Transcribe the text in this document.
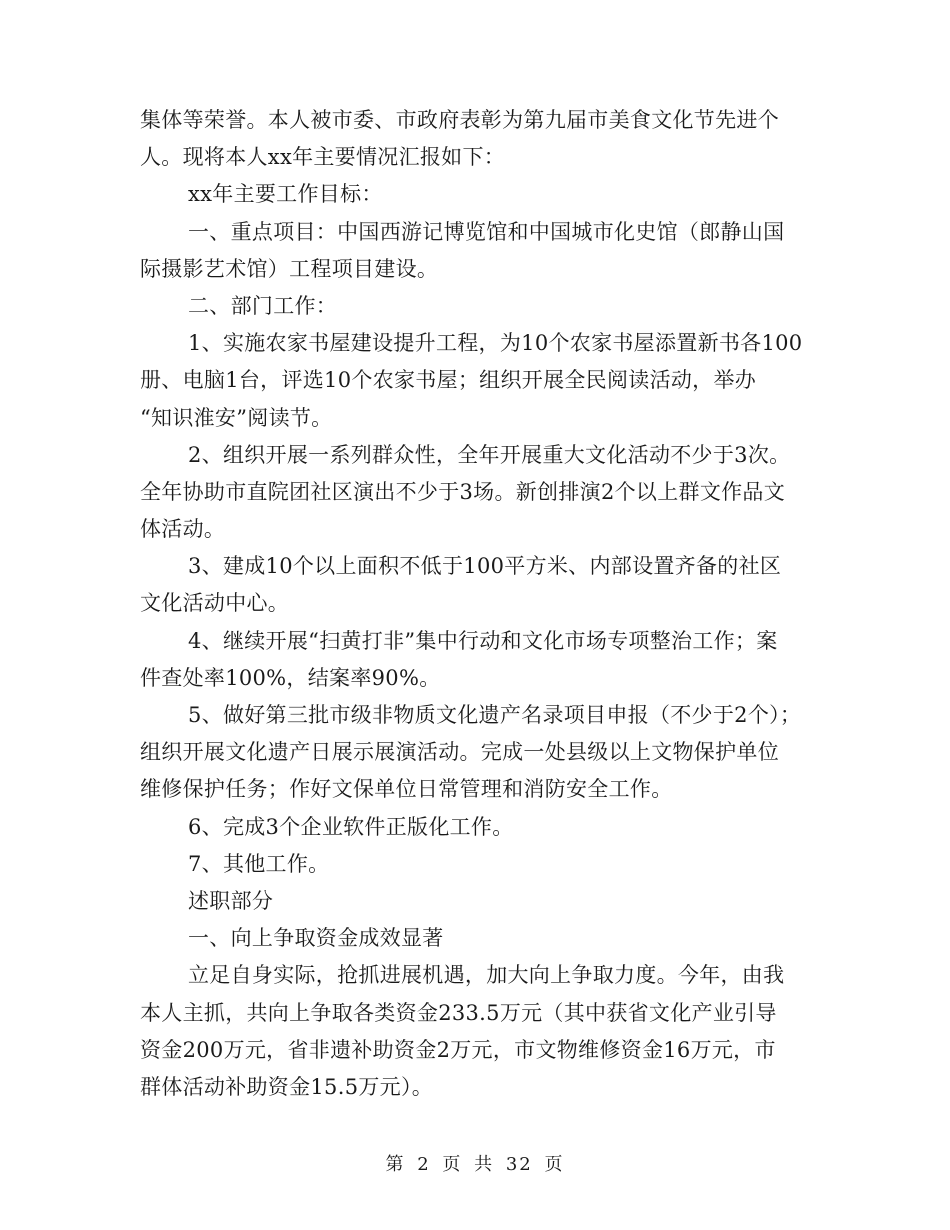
集体等荣誉。本人被市委、市政府表彰为第九届市美食文化节先进个
人。现将本人xx年主要情况汇报如下：
xx年主要工作目标：
一、重点项目：中国西游记博览馆和中国城市化史馆（郎静山国
际摄影艺术馆）工程项目建设。
二、部门工作：
1、实施农家书屋建设提升工程，为10个农家书屋添置新书各100
册、电脑1台，评选10个农家书屋；组织开展全民阅读活动，举办
“知识淮安”阅读节。
2、组织开展一系列群众性，全年开展重大文化活动不少于3次。
全年协助市直院团社区演出不少于3场。新创排演2个以上群文作品文
体活动。
3、建成10个以上面积不低于100平方米、内部设置齐备的社区
文化活动中心。
4、继续开展“扫黄打非”集中行动和文化市场专项整治工作；案
件查处率100%，结案率90%。
5、做好第三批市级非物质文化遗产名录项目申报（不少于2个）；
组织开展文化遗产日展示展演活动。完成一处县级以上文物保护单位
维修保护任务；作好文保单位日常管理和消防安全工作。
6、完成3个企业软件正版化工作。
7、其他工作。
述职部分
一、向上争取资金成效显著
立足自身实际，抢抓进展机遇，加大向上争取力度。今年，由我
本人主抓，共向上争取各类资金233.5万元（其中获省文化产业引导
资金200万元，省非遗补助资金2万元，市文物维修资金16万元，市
群体活动补助资金15.5万元）。
第 2 页 共 32 页
